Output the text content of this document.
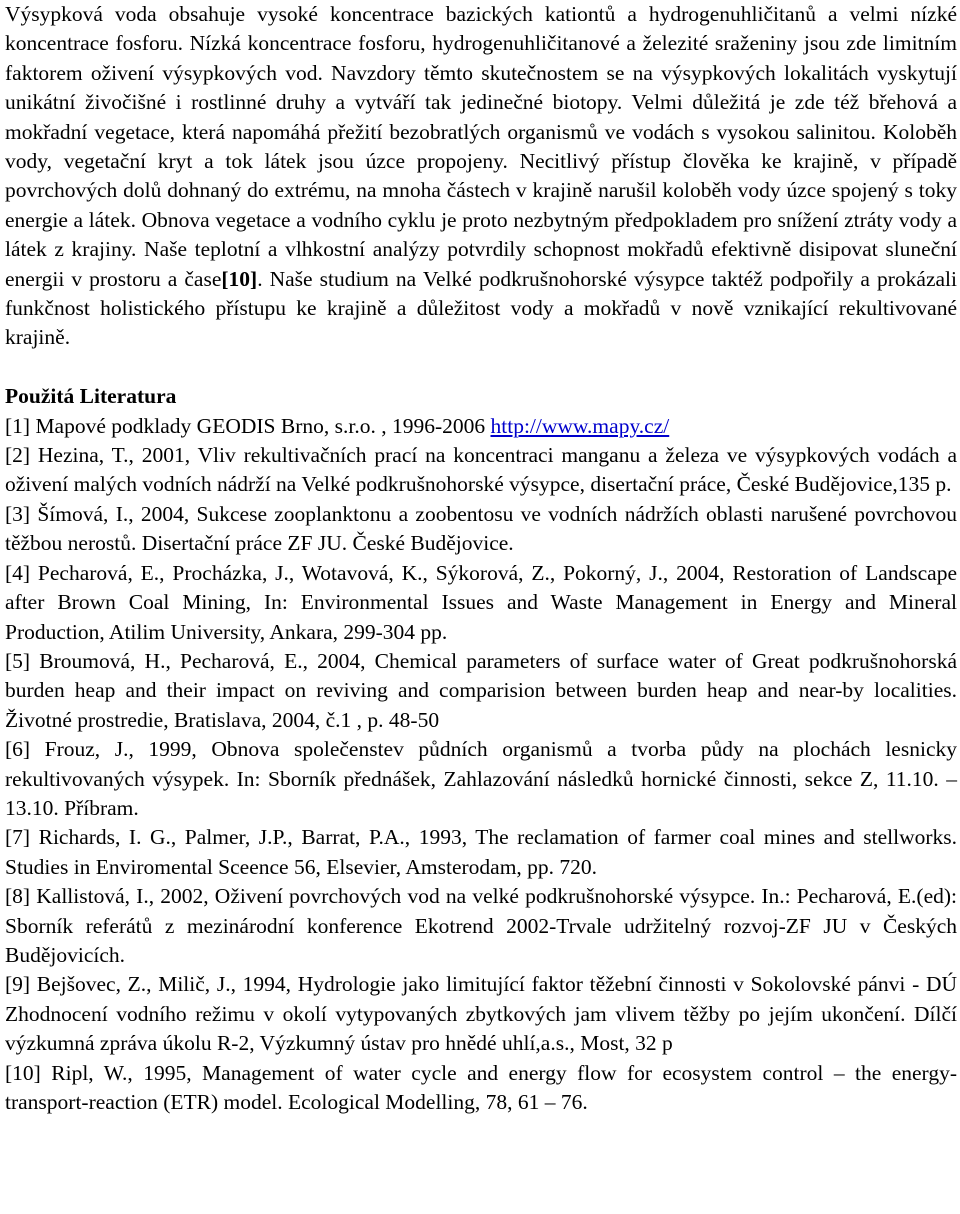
Výsypková voda obsahuje vysoké koncentrace bazických kationtů a hydrogenuhličitanů a velmi nízké koncentrace fosforu. Nízká koncentrace fosforu, hydrogenuhličitanové a železité sraženiny jsou zde limitním faktorem oživení výsypkových vod. Navzdory těmto skutečnostem se na výsypkových lokalitách vyskytují unikátní živočišné i rostlinné druhy a vytváří tak jedinečné biotopy. Velmi důležitá je zde též břehová a mokřadní vegetace, která napomáhá přežití bezobratlých organismů ve vodách s vysokou salinitou. Koloběh vody, vegetační kryt a tok látek jsou úzce propojeny. Necitlivý přístup člověka ke krajině, v případě povrchových dolů dohnaný do extrému, na mnoha částech v krajině narušil koloběh vody úzce spojený s toky energie a látek. Obnova vegetace a vodního cyklu je proto nezbytným předpokladem pro snížení ztráty vody a látek z krajiny. Naše teplotní a vlhkostní analýzy potvrdily schopnost mokřadů efektivně disipovat sluneční energii v prostoru a čase[10]. Naše studium na Velké podkrušnohorské výsypce taktéž podpořily a prokázali funkčnost holistického přístupu ke krajině a důležitost vody a mokřadů v nově vznikající rekultivované krajině.

Použitá Literatura

[1] Mapové podklady GEODIS Brno, s.r.o. , 1996-2006 http://www.mapy.cz/

[2] Hezina, T., 2001, Vliv rekultivačních prací na koncentraci manganu a železa ve výsypkových vodách a oživení malých vodních nádrží na Velké podkrušnohorské výsypce, disertační práce, České Budějovice,135 p.

[3] Šímová, I., 2004, Sukcese zooplanktonu a zoobentosu ve vodních nádržích oblasti narušené povrchovou těžbou nerostů. Disertační práce ZF JU. České Budějovice.

[4] Pecharová, E., Procházka, J., Wotavová, K., Sýkorová, Z., Pokorný, J., 2004, Restoration of Landscape after Brown Coal Mining, In: Environmental Issues and Waste Management in Energy and Mineral Production, Atilim University, Ankara, 299-304 pp.

[5] Broumová, H., Pecharová, E., 2004, Chemical parameters of surface water of Great podkrušnohorská burden heap and their impact on reviving and comparision between burden heap and near-by localities. Životné prostredie, Bratislava, 2004, č.1 , p. 48-50

[6] Frouz, J., 1999, Obnova společenstev půdních organismů a tvorba půdy na plochách lesnicky rekultivovaných výsypek. In: Sborník přednášek, Zahlazování následků hornické činnosti, sekce Z, 11.10. – 13.10. Příbram.

[7] Richards, I. G., Palmer, J.P., Barrat, P.A., 1993, The reclamation of farmer coal mines and stellworks. Studies in Enviromental Sceence 56, Elsevier, Amsterodam, pp. 720.

[8] Kallistová, I., 2002, Oživení povrchových vod na velké podkrušnohorské výsypce. In.: Pecharová, E.(ed): Sborník referátů z mezinárodní konference Ekotrend 2002-Trvale udržitelný rozvoj-ZF JU v Českých Budějovicích.

[9] Bejšovec, Z., Milič, J., 1994, Hydrologie jako limitující faktor těžební činnosti v Sokolovské pánvi - DÚ Zhodnocení vodního režimu v okolí vytypovaných zbytkových jam vlivem těžby po jejím ukončení. Dílčí výzkumná zpráva úkolu R-2, Výzkumný ústav pro hnědé uhlí,a.s., Most, 32 p

[10] Ripl, W., 1995, Management of water cycle and energy flow for ecosystem control – the energy-transport-reaction (ETR) model. Ecological Modelling, 78, 61 – 76.
